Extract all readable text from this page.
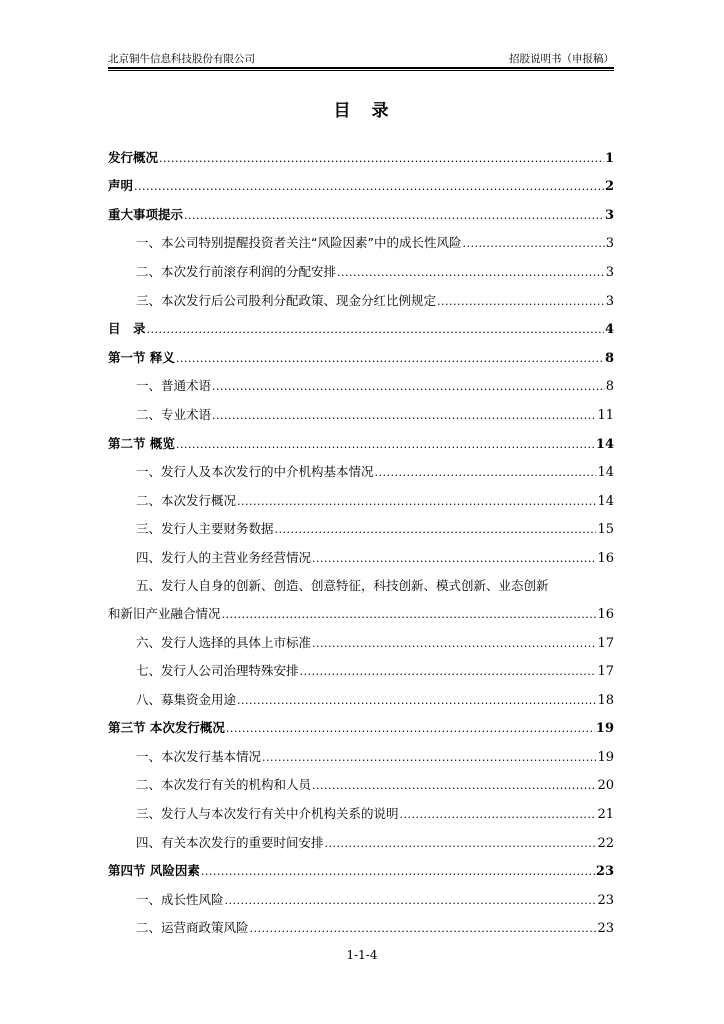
北京铜牛信息科技股份有限公司	招股说明书（申报稿）
目　录
发行概况 .....	1
声明 .....	2
重大事项提示 .....	3
一、本公司特别提醒投资者关注“风险因素”中的成长性风险 .....	3
二、本次发行前滚存利润的分配安排 .....	3
三、本次发行后公司股利分配政策、现金分红比例规定 .....	3
目　录 .....	4
第一节 释义 .....	8
一、普通术语 .....	8
二、专业术语 .....	11
第二节 概览 .....	14
一、发行人及本次发行的中介机构基本情况 .....	14
二、本次发行概况 .....	14
三、发行人主要财务数据 .....	15
四、发行人的主营业务经营情况 .....	16
五、发行人自身的创新、创造、创意特征，科技创新、模式创新、业态创新
和新旧产业融合情况 .....	16
六、发行人选择的具体上市标准 .....	17
七、发行人公司治理特殊安排 .....	17
八、募集资金用途 .....	18
第三节 本次发行概况 .....	19
一、本次发行基本情况 .....	19
二、本次发行有关的机构和人员 .....	20
三、发行人与本次发行有关中介机构关系的说明 .....	21
四、有关本次发行的重要时间安排 .....	22
第四节 风险因素 .....	23
一、成长性风险 .....	23
二、运营商政策风险 .....	23
1-1-4
